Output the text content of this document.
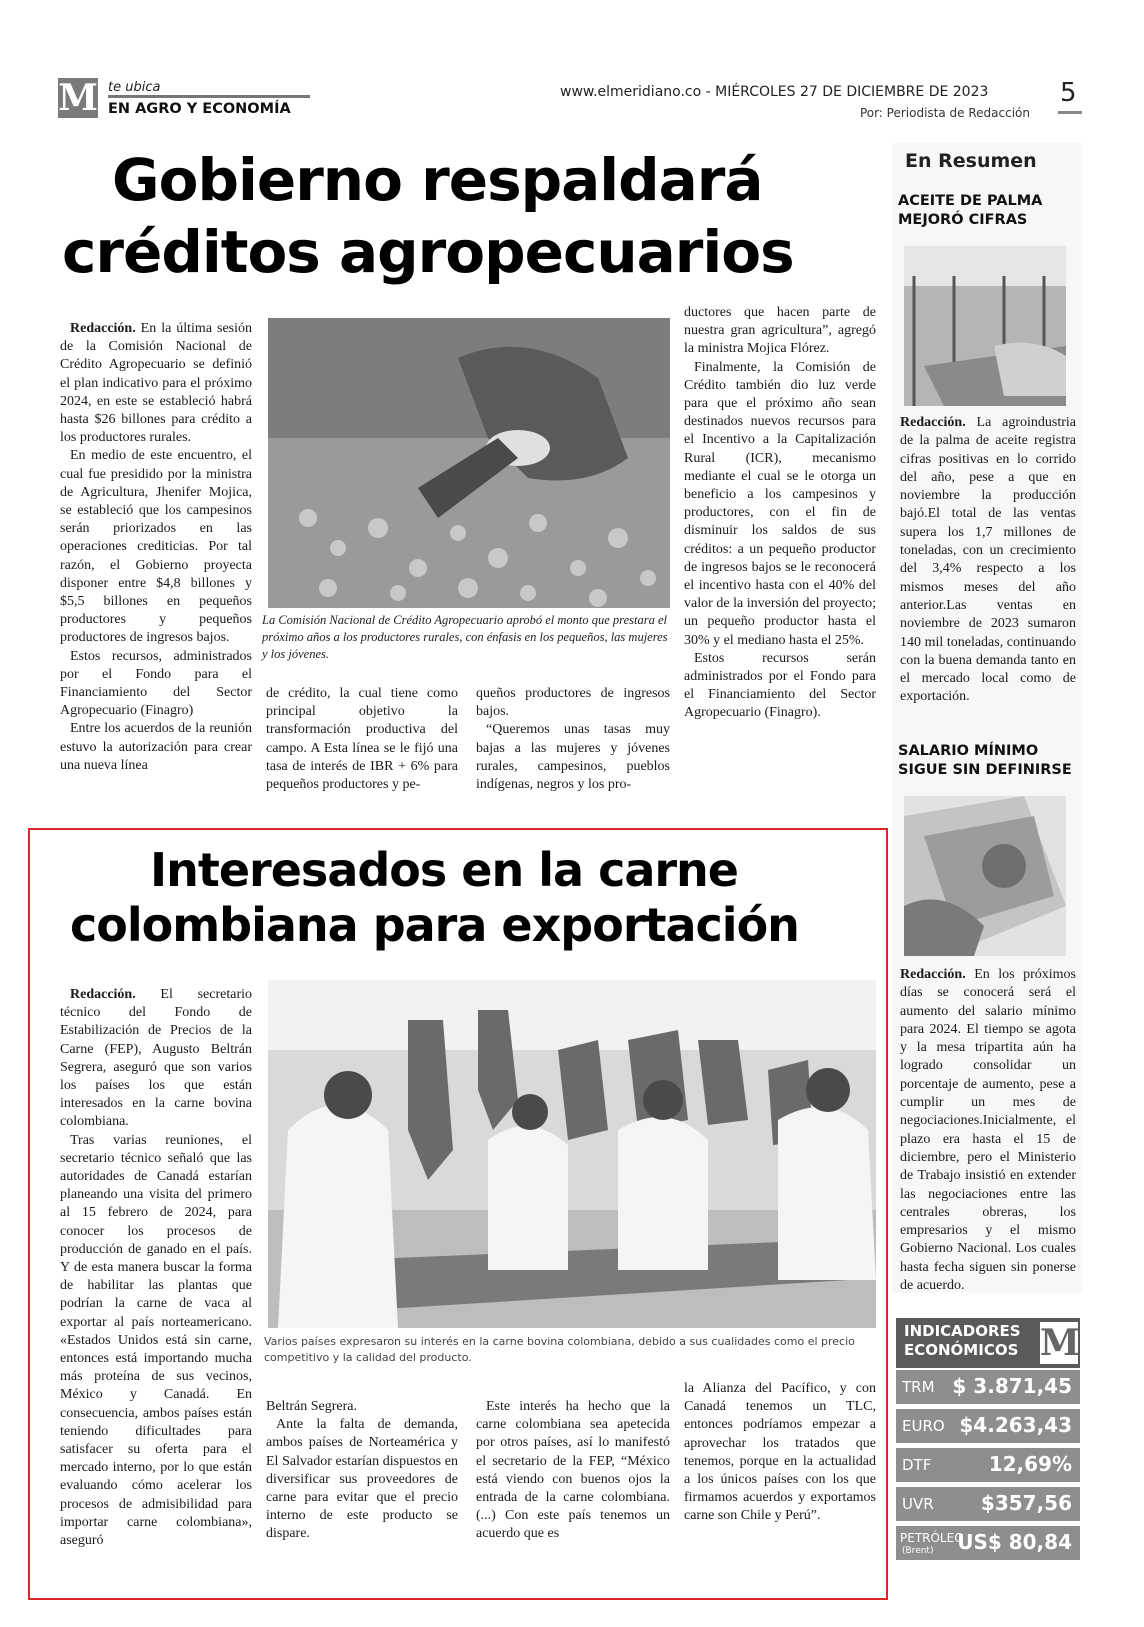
M te ubica
EN AGRO Y ECONOMÍA
www.elmeridiano.co - MIÉRCOLES 27 DE DICIEMBRE DE 2023
Por: Periodista de Redacción
5
Gobierno respaldará
créditos agropecuarios

Redacción. En la última sesión de la Comisión Nacional de Crédito Agropecuario se definió el plan indicativo para el próximo 2024, en este se estableció habrá hasta $26 billones para crédito a los productores rurales.

En medio de este encuentro, el cual fue presidido por la ministra de Agricultura, Jhenifer Mojica, se estableció que los campesinos serán priorizados en las operaciones crediticias. Por tal razón, el Gobierno proyecta disponer entre $4,8 billones y $5,5 billones en pequeños productores y pequeños productores de ingresos bajos.

Estos recursos, administrados por el Fondo para el Financiamiento del Sector Agropecuario (Finagro)

Entre los acuerdos de la reunión estuvo la autorización para crear una nueva línea

La Comisión Nacional de Crédito Agropecuario aprobó el monto que prestara el próximo años a los productores rurales, con énfasis en los pequeños, las mujeres y los jóvenes.

de crédito, la cual tiene como principal objetivo la transformación productiva del campo. A Esta línea se le fijó una tasa de interés de IBR + 6% para pequeños productores y pe-

queños productores de ingresos bajos.

“Queremos unas tasas muy bajas a las mujeres y jóvenes rurales, campesinos, pueblos indígenas, negros y los pro-

ductores que hacen parte de nuestra gran agricultura”, agregó la ministra Mojica Flórez.

Finalmente, la Comisión de Crédito también dio luz verde para que el próximo año sean destinados nuevos recursos para el Incentivo a la Capitalización Rural (ICR), mecanismo mediante el cual se le otorga un beneficio a los campesinos y productores, con el fin de disminuir los saldos de sus créditos: a un pequeño productor de ingresos bajos se le reconocerá el incentivo hasta con el 40% del valor de la inversión del proyecto; un pequeño productor hasta el 30% y el mediano hasta el 25%.

Estos recursos serán administrados por el Fondo para el Financiamiento del Sector Agropecuario (Finagro).

Interesados en la carne
colombiana para exportación

Redacción. El secretario técnico del Fondo de Estabilización de Precios de la Carne (FEP), Augusto Beltrán Segrera, aseguró que son varios los países los que están interesados en la carne bovina colombiana.

Tras varias reuniones, el secretario técnico señaló que las autoridades de Canadá estarían planeando una visita del primero al 15 febrero de 2024, para conocer los procesos de producción de ganado en el país. Y de esta manera buscar la forma de habilitar las plantas que podrían la carne de vaca al exportar al país norteamericano. «Estados Unidos está sin carne, entonces está importando mucha más proteína de sus vecinos, México y Canadá. En consecuencia, ambos países están teniendo dificultades para satisfacer su oferta para el mercado interno, por lo que están evaluando cómo acelerar los procesos de admisibilidad para importar carne colombiana», aseguró

Varios países expresaron su interés en la carne bovina colombiana, debido a sus cualidades como el precio competitivo y la calidad del producto.

Beltrán Segrera.

Ante la falta de demanda, ambos países de Norteamérica y El Salvador estarían dispuestos en diversificar sus proveedores de carne para evitar que el precio interno de este producto se dispare.

Este interés ha hecho que la carne colombiana sea apetecida por otros países, así lo manifestó el secretario de la FEP, “México está viendo con buenos ojos la entrada de la carne colombiana. (...) Con este país tenemos un acuerdo que es

la Alianza del Pacífico, y con Canadá tenemos un TLC, entonces podríamos empezar a aprovechar los tratados que tenemos, porque en la actualidad a los únicos países con los que firmamos acuerdos y exportamos carne son Chile y Perú”.

En Resumen
ACEITE DE PALMA
MEJORÓ CIFRAS
Redacción. La agroindustria de la palma de aceite registra cifras positivas en lo corrido del año, pese a que en noviembre la producción bajó.El total de las ventas supera los 1,7 millones de toneladas, con un crecimiento del 3,4% respecto a los mismos meses del año anterior.Las ventas en noviembre de 2023 sumaron 140 mil toneladas, continuando con la buena demanda tanto en el mercado local como de exportación.
SALARIO MÍNIMO
SIGUE SIN DEFINIRSE
Redacción. En los próximos días se conocerá será el aumento del salario mínimo para 2024. El tiempo se agota y la mesa tripartita aún ha logrado consolidar un porcentaje de aumento, pese a cumplir un mes de negociaciones.Inicialmente, el plazo era hasta el 15 de diciembre, pero el Ministerio de Trabajo insistió en extender las negociaciones entre las centrales obreras, los empresarios y el mismo Gobierno Nacional. Los cuales hasta fecha siguen sin ponerse de acuerdo.
INDICADORES
ECONÓMICOS M
TRM $ 3.871,45
EURO $4.263,43
DTF	12,69%
UVR $357,56
PETRÓLEO
(Brent) US$ 80,84
